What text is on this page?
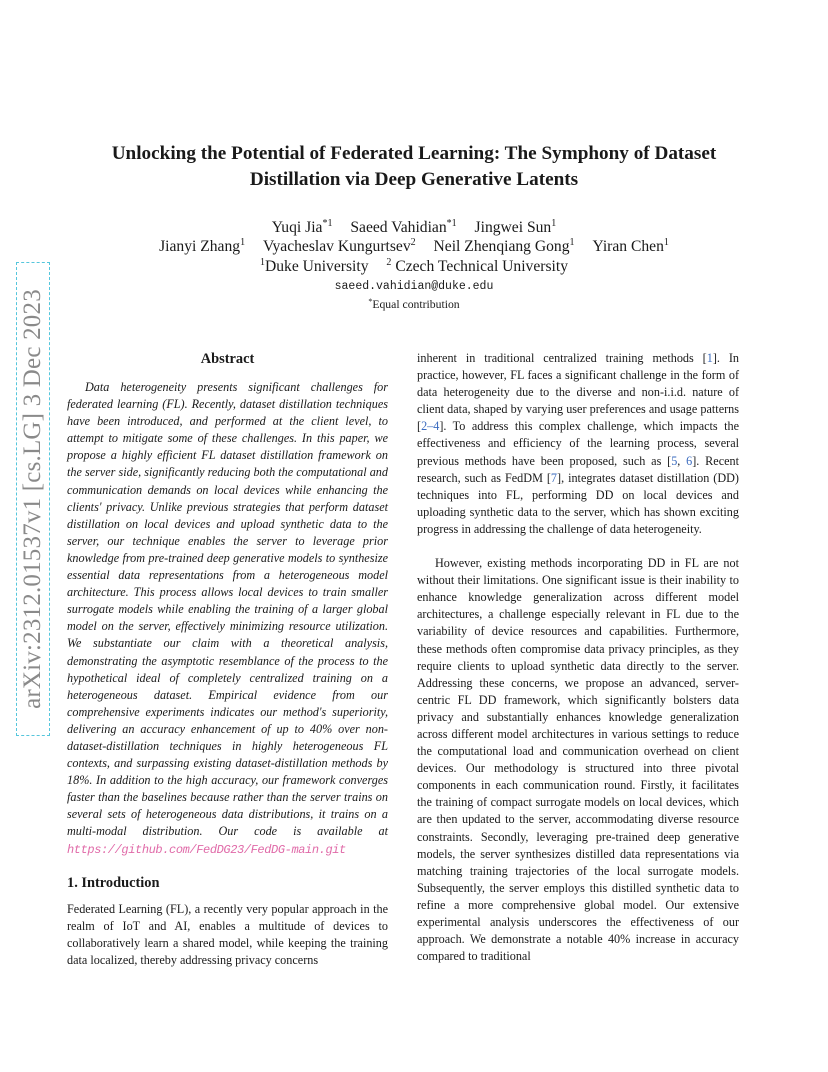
arXiv:2312.01537v1 [cs.LG] 3 Dec 2023
Unlocking the Potential of Federated Learning: The Symphony of Dataset
Distillation via Deep Generative Latents
Yuqi Jia$^{*1}$ Saeed Vahidian$^{*1}$ Jingwei Sun$^1$
Jianyi Zhang$^1$ Vyacheslav Kungurtsev$^2$ Neil Zhenqiang Gong$^1$ Yiran Chen$^1$
$^1$Duke University $^2$ Czech Technical University
saeed.vahidian@duke.edu
*Equal contribution
Abstract

Data heterogeneity presents significant challenges for federated learning (FL). Recently, dataset distillation techniques have been introduced, and performed at the client level, to attempt to mitigate some of these challenges. In this paper, we propose a highly efficient FL dataset distillation framework on the server side, significantly reducing both the computational and communication demands on local devices while enhancing the clients' privacy. Unlike previous strategies that perform dataset distillation on local devices and upload synthetic data to the server, our technique enables the server to leverage prior knowledge from pre-trained deep generative models to synthesize essential data representations from a heterogeneous model architecture. This process allows local devices to train smaller surrogate models while enabling the training of a larger global model on the server, effectively minimizing resource utilization. We substantiate our claim with a theoretical analysis, demonstrating the asymptotic resemblance of the process to the hypothetical ideal of completely centralized training on a heterogeneous dataset. Empirical evidence from our comprehensive experiments indicates our method's superiority, delivering an accuracy enhancement of up to 40% over non-dataset-distillation techniques in highly heterogeneous FL contexts, and surpassing existing dataset-distillation methods by 18%. In addition to the high accuracy, our framework converges faster than the baselines because rather than the server trains on several sets of heterogeneous data distributions, it trains on a multi-modal distribution. Our code is available at https://github.com/FedDG23/FedDG-main.git

1. Introduction

Federated Learning (FL), a recently very popular approach in the realm of IoT and AI, enables a multitude of devices to collaboratively learn a shared model, while keeping the training data localized, thereby addressing privacy concerns

inherent in traditional centralized training methods [1]. In practice, however, FL faces a significant challenge in the form of data heterogeneity due to the diverse and non-i.i.d. nature of client data, shaped by varying user preferences and usage patterns [2–4]. To address this complex challenge, which impacts the effectiveness and efficiency of the learning process, several previous methods have been proposed, such as [5, 6]. Recent research, such as FedDM [7], integrates dataset distillation (DD) techniques into FL, performing DD on local devices and uploading synthetic data to the server, which has shown exciting progress in addressing the challenge of data heterogeneity.

However, existing methods incorporating DD in FL are not without their limitations. One significant issue is their inability to enhance knowledge generalization across different model architectures, a challenge especially relevant in FL due to the variability of device resources and capabilities. Furthermore, these methods often compromise data privacy principles, as they require clients to upload synthetic data directly to the server. Addressing these concerns, we propose an advanced, server-centric FL DD framework, which significantly bolsters data privacy and substantially enhances knowledge generalization across different model architectures in various settings to reduce the computational load and communication overhead on client devices. Our methodology is structured into three pivotal components in each communication round. Firstly, it facilitates the training of compact surrogate models on local devices, which are then updated to the server, accommodating diverse resource constraints. Secondly, leveraging pre-trained deep generative models, the server synthesizes distilled data representations via matching training trajectories of the local surrogate models. Subsequently, the server employs this distilled synthetic data to refine a more comprehensive global model. Our extensive experimental analysis underscores the effectiveness of our approach. We demonstrate a notable 40% increase in accuracy compared to traditional
